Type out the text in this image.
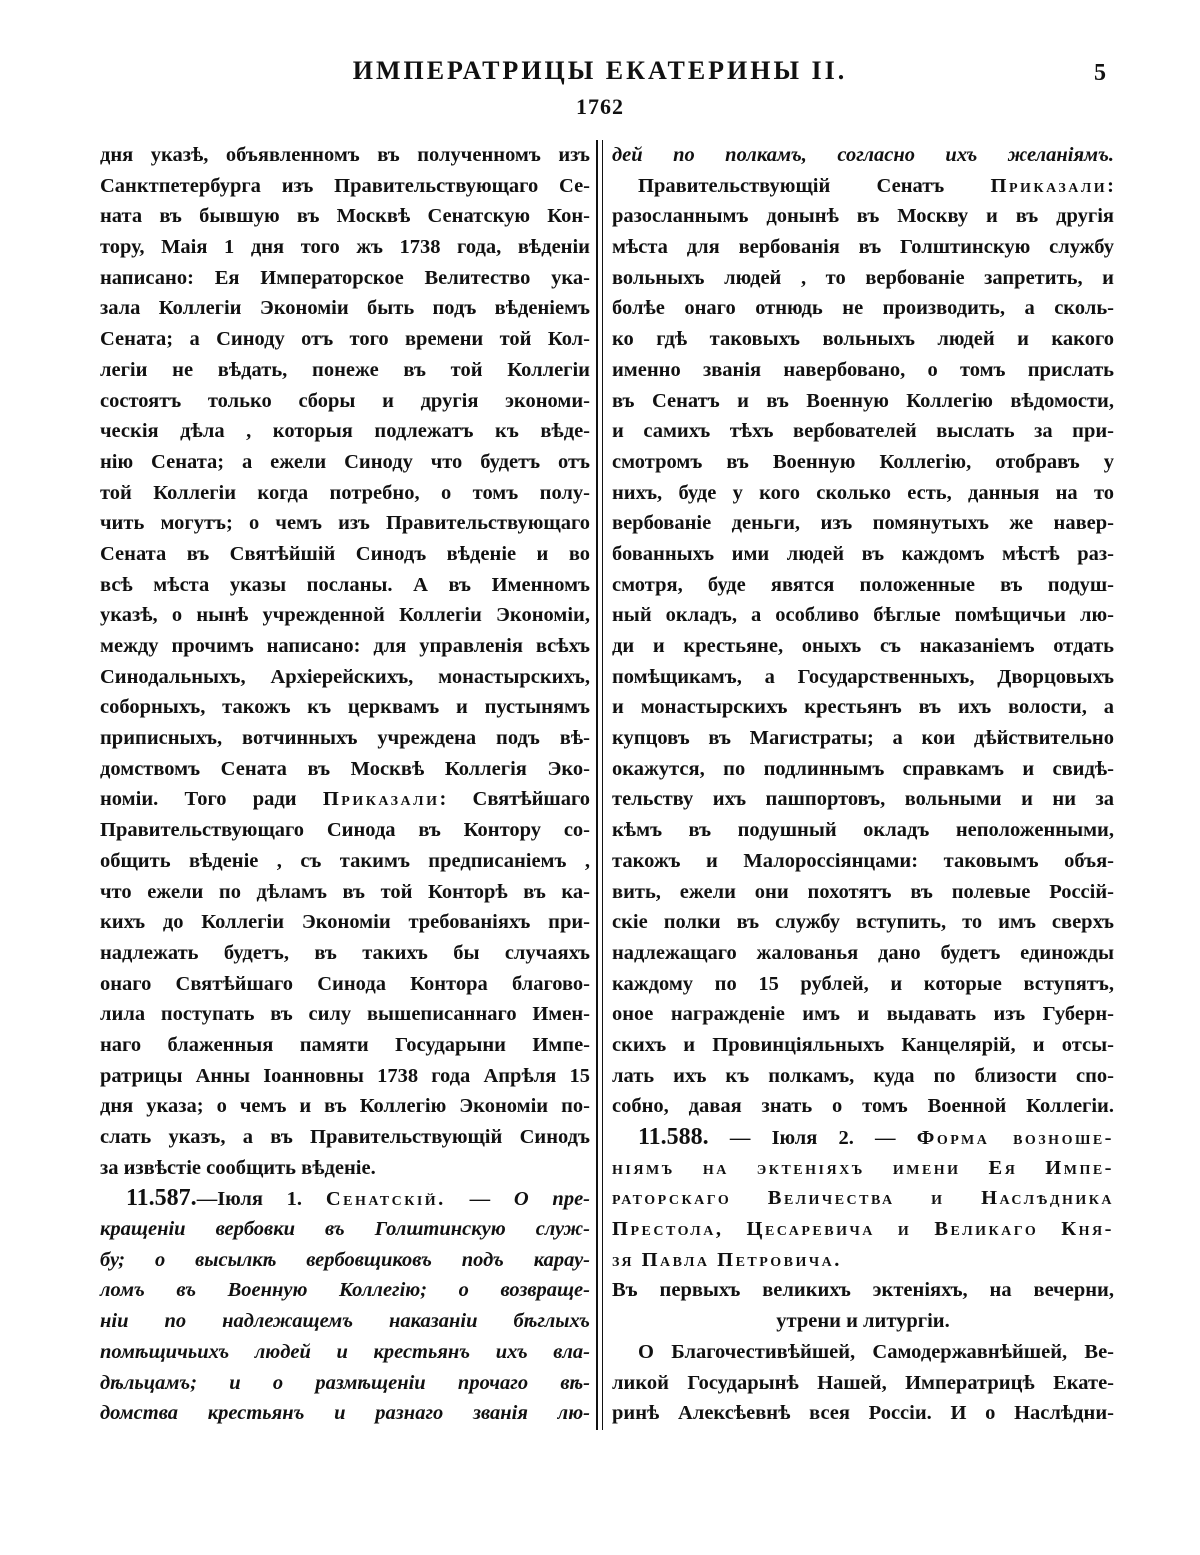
ИМПЕРАТРИЦЫ ЕКАТЕРИНЫ II.	5
1762
дня указѣ, объявленномъ въ полученномъ изъ
Санктпетербурга изъ Правительствующаго Се-
ната въ бывшую въ Москвѣ Сенатскую Кон-
тору, Маія 1 дня того жъ 1738 года, вѣденіи
написано: Ея Императорское Велитество ука-
зала Коллегіи Экономіи быть подъ вѣденіемъ
Сената; а Синоду отъ того времени той Кол-
легіи не вѣдать, понеже въ той Коллегіи
состоятъ только сборы и другія экономи-
ческія дѣла , которыя подлежатъ къ вѣде-
нію Сената; а ежели Синоду что будетъ отъ
той Коллегіи когда потребно, о томъ полу-
чить могутъ; о чемъ изъ Правительствующаго
Сената въ Святѣйшій Синодъ вѣденіе и во
всѣ мѣста указы посланы. А въ Именномъ
указѣ, о нынѣ учрежденной Коллегіи Экономіи,
между прочимъ написано: для управленія всѣхъ
Синодальныхъ, Архіерейскихъ, монастырскихъ,
соборныхъ, такожъ къ церквамъ и пустынямъ
приписныхъ, вотчинныхъ учреждена подъ вѣ-
домствомъ Сената въ Москвѣ Коллегія Эко-
номіи. Того ради Приказали: Святѣйшаго
Правительствующаго Синода въ Контору со-
общить вѣденіе , съ такимъ предписаніемъ ,
что ежели по дѣламъ въ той Конторѣ въ ка-
кихъ до Коллегіи Экономіи требованіяхъ при-
надлежать будетъ, въ такихъ бы случаяхъ
онаго Святѣйшаго Синода Контора благово-
лила поступать въ силу вышеписаннаго Имен-
наго блаженныя памяти Государыни Импе-
ратрицы Анны Іоанновны 1738 года Апрѣля 15
дня указа; о чемъ и въ Коллегію Экономіи по-
слать указъ, а въ Правительствующій Синодъ
за извѣстіе сообщить вѣденіе.
11.587.—Іюля 1. Сенатскій. — О пре-
кращеніи вербовки въ Голштинскую служ-
бу; о высылкѣ вербовщиковъ подъ карау-
ломъ въ Военную Коллегію; о возвраще-
ніи по надлежащемъ наказаніи бѣглыхъ
помѣщичьихъ людей и крестьянъ ихъ вла-
дѣльцамъ; и о размѣщеніи прочаго вѣ-
домства крестьянъ и разнаго званія лю-
дей по полкамъ, согласно ихъ желаніямъ.
Правительствующій Сенатъ Приказали:
разосланнымъ донынѣ въ Москву и въ другія
мѣста для вербованія въ Голштинскую службу
вольныхъ людей , то вербованіе запретить, и
болѣе онаго отнюдь не производить, а сколь-
ко гдѣ таковыхъ вольныхъ людей и какого
именно званія навербовано, о томъ прислать
въ Сенатъ и въ Военную Коллегію вѣдомости,
и самихъ тѣхъ вербователей выслать за при-
смотромъ въ Военную Коллегію, отобравъ у
нихъ, буде у кого сколько есть, данныя на то
вербованіе деньги, изъ помянутыхъ же навер-
бованныхъ ими людей въ каждомъ мѣстѣ раз-
смотря, буде явятся положенные въ подуш-
ный окладъ, а особливо бѣглые помѣщичьи лю-
ди и крестьяне, оныхъ съ наказаніемъ отдать
помѣщикамъ, а Государственныхъ, Дворцовыхъ
и монастырскихъ крестьянъ въ ихъ волости, а
купцовъ въ Магистраты; а кои дѣйствительно
окажутся, по подлиннымъ справкамъ и свидѣ-
тельству ихъ пашпортовъ, вольными и ни за
кѣмъ въ подушный окладъ неположенными,
такожъ и Малороссіянцами: таковымъ объя-
вить, ежели они похотятъ въ полевые Россій-
скіе полки въ службу вступить, то имъ сверхъ
надлежащаго жалованья дано будетъ единожды
каждому по 15 рублей, и которые вступятъ,
оное награжденіе имъ и выдавать изъ Губерн-
скихъ и Провинціяльныхъ Канцелярій, и отсы-
лать ихъ къ полкамъ, куда по близости спо-
собно, давая знать о томъ Военной Коллегіи.
11.588. — Іюля 2. — Форма возноше-
ніямъ на эктеніяхъ имени Ея Импе-
раторскаго Величества и Наслѣдника
Престола, Цесаревича и Великаго Кня-
зя Павла Петровича.
Въ первыхъ великихъ эктеніяхъ, на вечерни,
утрени и литургіи.
О Благочестивѣйшей, Самодержавнѣйшей, Ве-
ликой Государынѣ Нашей, Императрицѣ Екате-
ринѣ Алексѣевнѣ всея Россіи. И о Наслѣдни-
